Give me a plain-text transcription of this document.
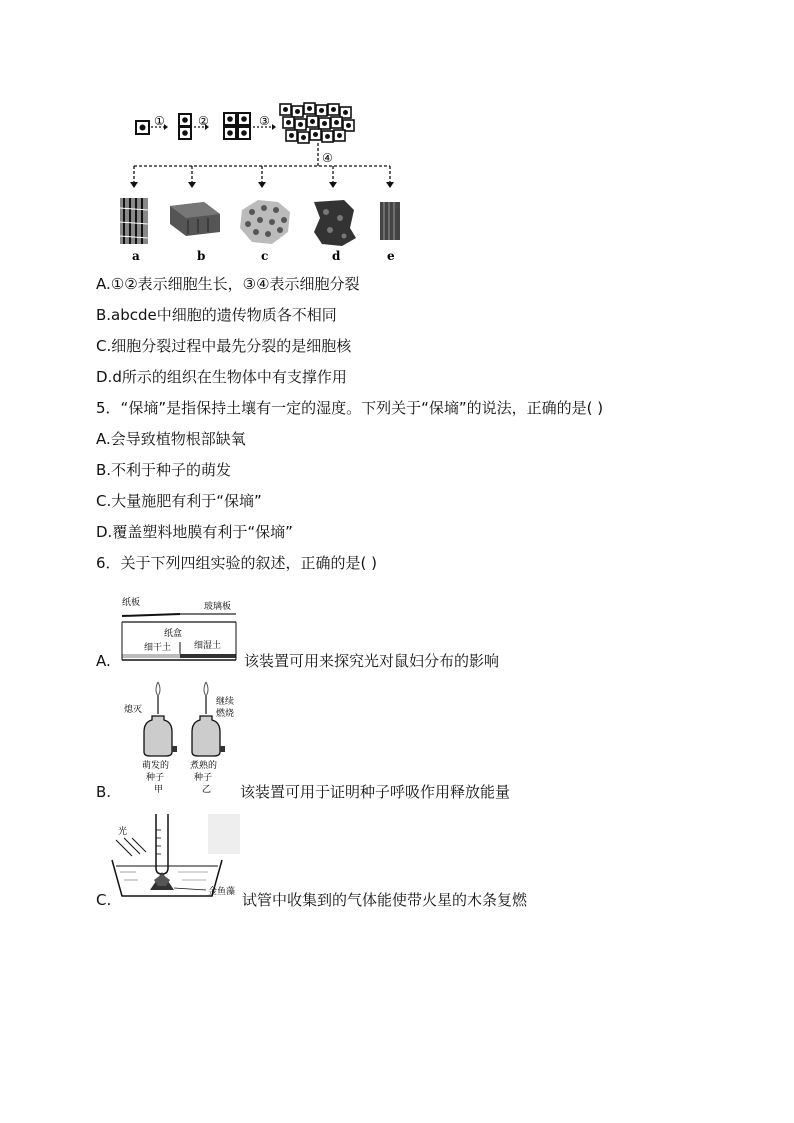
①	②	③
④
a	b	c	d	e
A.①②表示细胞生长，③④表示细胞分裂
B.abcde中细胞的遗传物质各不相同
C.细胞分裂过程中最先分裂的是细胞核
D.d所示的组织在生物体中有支撑作用
5．“保墒”是指保持土壤有一定的湿度。下列关于“保墒”的说法，正确的是( )
A.会导致植物根部缺氧
B.不利于种子的萌发
C.大量施肥有利于“保墒”
D.覆盖塑料地膜有利于“保墒”
6．关于下列四组实验的叙述，正确的是( )
A.
纸板	玻璃板
纸盒
细干土	细湿土
该装置可用来探究光对鼠妇分布的影响
B.
熄灭
继续
燃烧
萌发的
种子
甲
煮熟的
种子
乙 该装置可用于证明种子呼吸作用释放能量
C.
光
金鱼藻 试管中收集到的气体能使带火星的木条复燃
